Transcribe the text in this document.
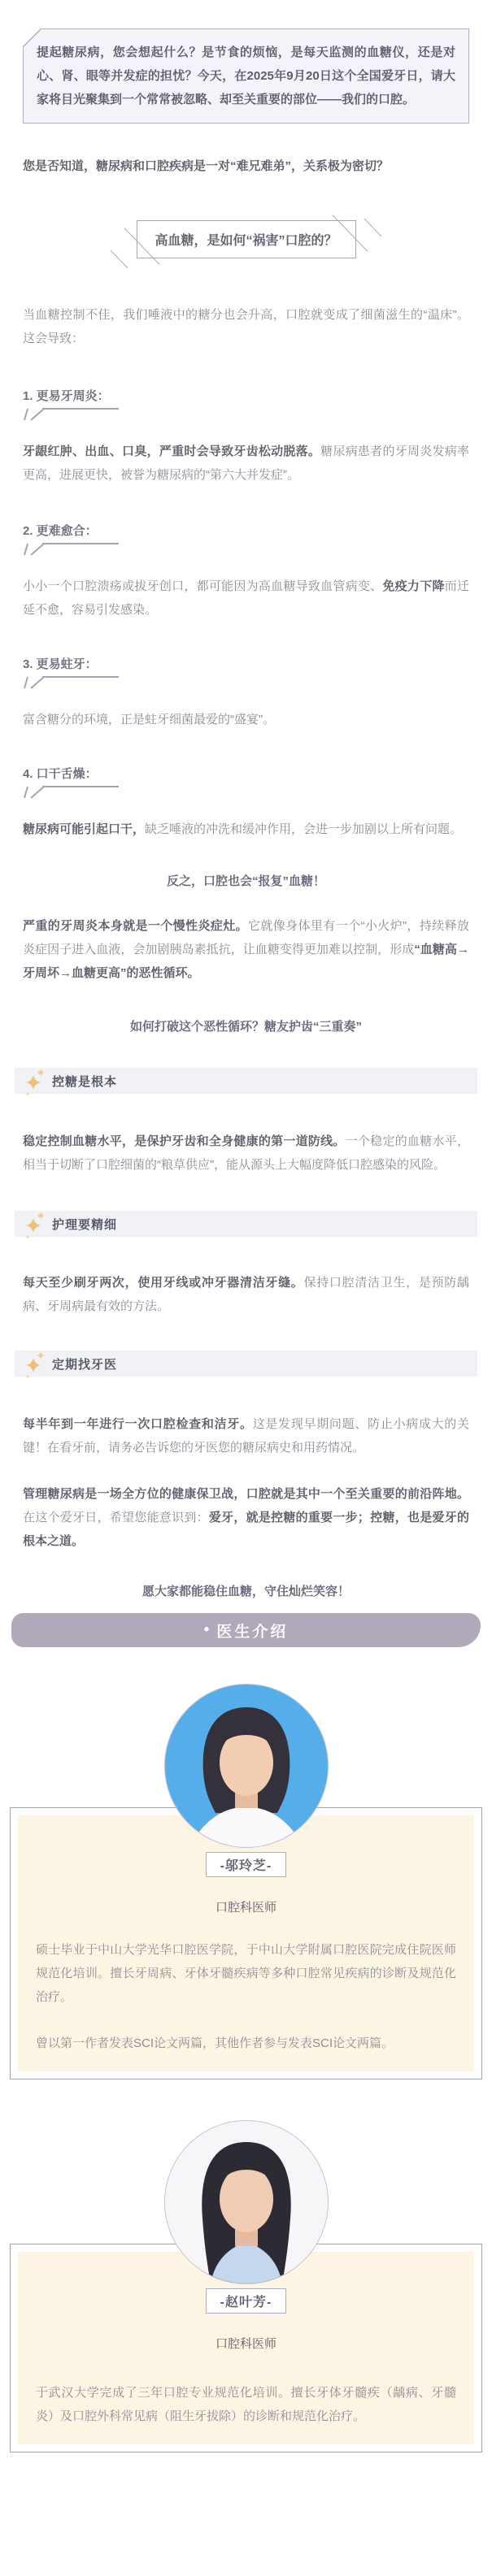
提起糖尿病，您会想起什么？是节食的烦恼，是每天监测的血糖仪，还是对心、肾、眼等并发症的担忧？今天，在2025年9月20日这个全国爱牙日，请大家将目光聚集到一个常常被忽略、却至关重要的部位——我们的口腔。

您是否知道，糖尿病和口腔疾病是一对“难兄难弟”，关系极为密切？

高血糖，是如何“祸害”口腔的？

当血糖控制不佳，我们唾液中的糖分也会升高，口腔就变成了细菌滋生的“温床”。这会导致：

1. 更易牙周炎：

牙龈红肿、出血、口臭，严重时会导致牙齿松动脱落。糖尿病患者的牙周炎发病率更高，进展更快，被誉为糖尿病的“第六大并发症”。

2. 更难愈合：

小小一个口腔溃疡或拔牙创口，都可能因为高血糖导致血管病变、免疫力下降而迁延不愈，容易引发感染。

3. 更易蛀牙：

富含糖分的环境，正是蛀牙细菌最爱的“盛宴”。

4. 口干舌燥：

糖尿病可能引起口干，缺乏唾液的冲洗和缓冲作用，会进一步加剧以上所有问题。

反之，口腔也会“报复”血糖！

严重的牙周炎本身就是一个慢性炎症灶。它就像身体里有一个“小火炉”，持续释放炎症因子进入血液，会加剧胰岛素抵抗，让血糖变得更加难以控制，形成“血糖高→牙周坏→血糖更高”的恶性循环。

如何打破这个恶性循环？糖友护齿“三重奏”

控糖是根本

稳定控制血糖水平，是保护牙齿和全身健康的第一道防线。一个稳定的血糖水平，相当于切断了口腔细菌的“粮草供应”，能从源头上大幅度降低口腔感染的风险。

护理要精细

每天至少刷牙两次，使用牙线或冲牙器清洁牙缝。保持口腔清洁卫生，是预防龋病、牙周病最有效的方法。

定期找牙医

每半年到一年进行一次口腔检查和洁牙。这是发现早期问题、防止小病成大的关键！在看牙前，请务必告诉您的牙医您的糖尿病史和用药情况。

管理糖尿病是一场全方位的健康保卫战，口腔就是其中一个至关重要的前沿阵地。在这个爱牙日，希望您能意识到：爱牙，就是控糖的重要一步；控糖，也是爱牙的根本之道。

愿大家都能稳住血糖，守住灿烂笑容！

• 医生介绍
-邬玲芝-
口腔科医师

硕士毕业于中山大学光华口腔医学院，于中山大学附属口腔医院完成住院医师规范化培训。擅长牙周病、牙体牙髓疾病等多种口腔常见疾病的诊断及规范化治疗。

曾以第一作者发表SCI论文两篇，其他作者参与发表SCI论文两篇。

-赵叶芳-
口腔科医师

于武汉大学完成了三年口腔专业规范化培训。擅长牙体牙髓疾（龋病、牙髓炎）及口腔外科常见病（阻生牙拔除）的诊断和规范化治疗。
